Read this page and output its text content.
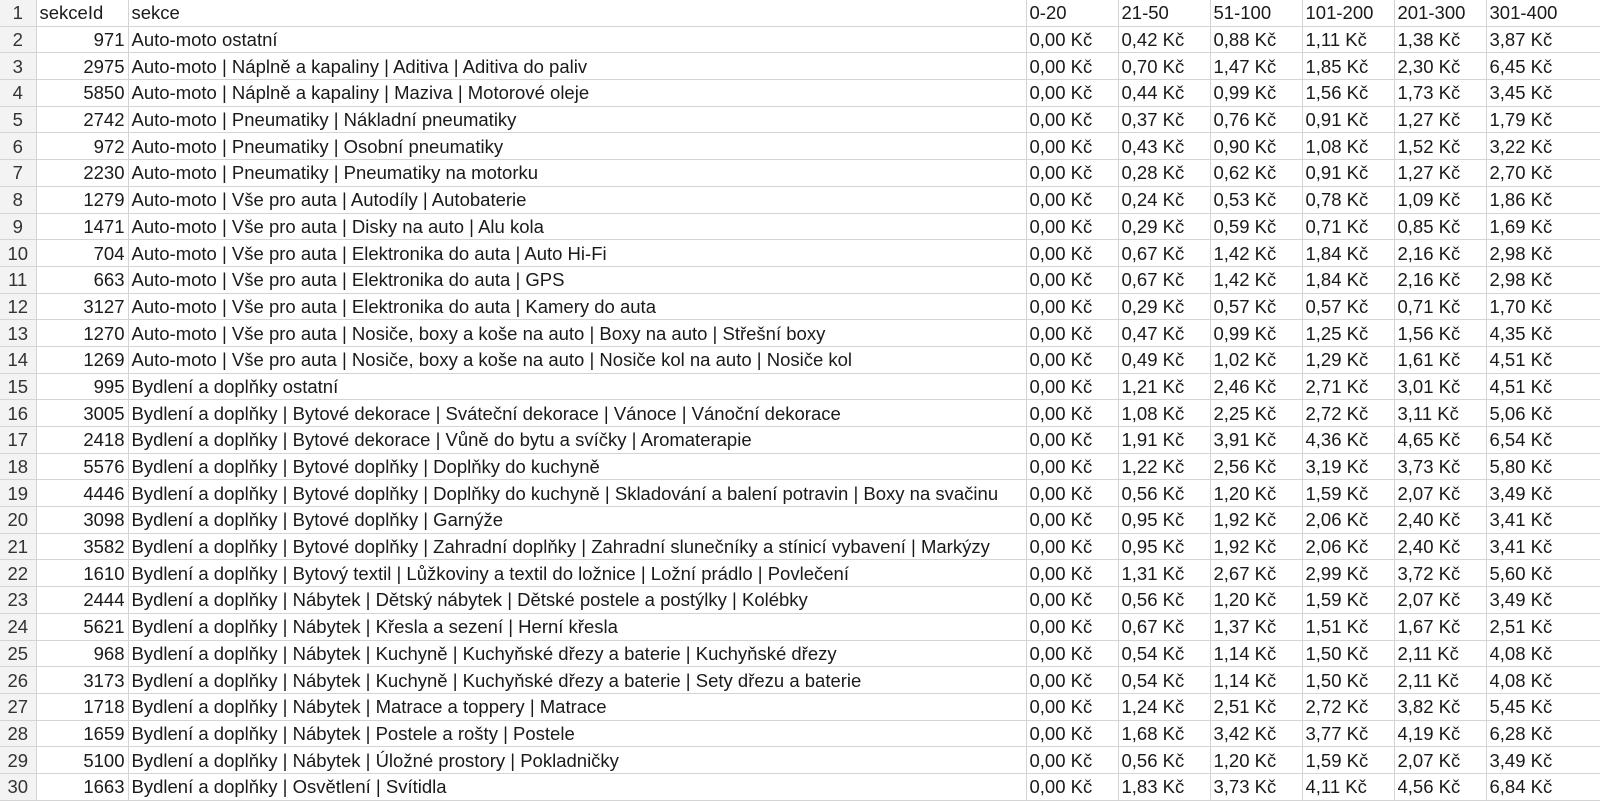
1	sekceId	sekce	0-20	21-50	51-100	101-200	201-300	301-400
2	971	Auto-moto ostatní	0,00 Kč	0,42 Kč	0,88 Kč	1,11 Kč	1,38 Kč	3,87 Kč
3	2975	Auto-moto | Náplně a kapaliny | Aditiva | Aditiva do paliv	0,00 Kč	0,70 Kč	1,47 Kč	1,85 Kč	2,30 Kč	6,45 Kč
4	5850	Auto-moto | Náplně a kapaliny | Maziva | Motorové oleje	0,00 Kč	0,44 Kč	0,99 Kč	1,56 Kč	1,73 Kč	3,45 Kč
5	2742	Auto-moto | Pneumatiky | Nákladní pneumatiky	0,00 Kč	0,37 Kč	0,76 Kč	0,91 Kč	1,27 Kč	1,79 Kč
6	972	Auto-moto | Pneumatiky | Osobní pneumatiky	0,00 Kč	0,43 Kč	0,90 Kč	1,08 Kč	1,52 Kč	3,22 Kč
7	2230	Auto-moto | Pneumatiky | Pneumatiky na motorku	0,00 Kč	0,28 Kč	0,62 Kč	0,91 Kč	1,27 Kč	2,70 Kč
8	1279	Auto-moto | Vše pro auta | Autodíly | Autobaterie	0,00 Kč	0,24 Kč	0,53 Kč	0,78 Kč	1,09 Kč	1,86 Kč
9	1471	Auto-moto | Vše pro auta | Disky na auto | Alu kola	0,00 Kč	0,29 Kč	0,59 Kč	0,71 Kč	0,85 Kč	1,69 Kč
10	704	Auto-moto | Vše pro auta | Elektronika do auta | Auto Hi-Fi	0,00 Kč	0,67 Kč	1,42 Kč	1,84 Kč	2,16 Kč	2,98 Kč
11	663	Auto-moto | Vše pro auta | Elektronika do auta | GPS	0,00 Kč	0,67 Kč	1,42 Kč	1,84 Kč	2,16 Kč	2,98 Kč
12	3127	Auto-moto | Vše pro auta | Elektronika do auta | Kamery do auta	0,00 Kč	0,29 Kč	0,57 Kč	0,57 Kč	0,71 Kč	1,70 Kč
13	1270	Auto-moto | Vše pro auta | Nosiče, boxy a koše na auto | Boxy na auto | Střešní boxy	0,00 Kč	0,47 Kč	0,99 Kč	1,25 Kč	1,56 Kč	4,35 Kč
14	1269	Auto-moto | Vše pro auta | Nosiče, boxy a koše na auto | Nosiče kol na auto | Nosiče kol	0,00 Kč	0,49 Kč	1,02 Kč	1,29 Kč	1,61 Kč	4,51 Kč
15	995	Bydlení a doplňky ostatní	0,00 Kč	1,21 Kč	2,46 Kč	2,71 Kč	3,01 Kč	4,51 Kč
16	3005	Bydlení a doplňky | Bytové dekorace | Sváteční dekorace | Vánoce | Vánoční dekorace	0,00 Kč	1,08 Kč	2,25 Kč	2,72 Kč	3,11 Kč	5,06 Kč
17	2418	Bydlení a doplňky | Bytové dekorace | Vůně do bytu a svíčky | Aromaterapie	0,00 Kč	1,91 Kč	3,91 Kč	4,36 Kč	4,65 Kč	6,54 Kč
18	5576	Bydlení a doplňky | Bytové doplňky | Doplňky do kuchyně	0,00 Kč	1,22 Kč	2,56 Kč	3,19 Kč	3,73 Kč	5,80 Kč
19	4446	Bydlení a doplňky | Bytové doplňky | Doplňky do kuchyně | Skladování a balení potravin | Boxy na svačinu	0,00 Kč	0,56 Kč	1,20 Kč	1,59 Kč	2,07 Kč	3,49 Kč
20	3098	Bydlení a doplňky | Bytové doplňky | Garnýže	0,00 Kč	0,95 Kč	1,92 Kč	2,06 Kč	2,40 Kč	3,41 Kč
21	3582	Bydlení a doplňky | Bytové doplňky | Zahradní doplňky | Zahradní slunečníky a stínicí vybavení | Markýzy	0,00 Kč	0,95 Kč	1,92 Kč	2,06 Kč	2,40 Kč	3,41 Kč
22	1610	Bydlení a doplňky | Bytový textil | Lůžkoviny a textil do ložnice | Ložní prádlo | Povlečení	0,00 Kč	1,31 Kč	2,67 Kč	2,99 Kč	3,72 Kč	5,60 Kč
23	2444	Bydlení a doplňky | Nábytek | Dětský nábytek | Dětské postele a postýlky | Kolébky	0,00 Kč	0,56 Kč	1,20 Kč	1,59 Kč	2,07 Kč	3,49 Kč
24	5621	Bydlení a doplňky | Nábytek | Křesla a sezení | Herní křesla	0,00 Kč	0,67 Kč	1,37 Kč	1,51 Kč	1,67 Kč	2,51 Kč
25	968	Bydlení a doplňky | Nábytek | Kuchyně | Kuchyňské dřezy a baterie | Kuchyňské dřezy	0,00 Kč	0,54 Kč	1,14 Kč	1,50 Kč	2,11 Kč	4,08 Kč
26	3173	Bydlení a doplňky | Nábytek | Kuchyně | Kuchyňské dřezy a baterie | Sety dřezu a baterie	0,00 Kč	0,54 Kč	1,14 Kč	1,50 Kč	2,11 Kč	4,08 Kč
27	1718	Bydlení a doplňky | Nábytek | Matrace a toppery | Matrace	0,00 Kč	1,24 Kč	2,51 Kč	2,72 Kč	3,82 Kč	5,45 Kč
28	1659	Bydlení a doplňky | Nábytek | Postele a rošty | Postele	0,00 Kč	1,68 Kč	3,42 Kč	3,77 Kč	4,19 Kč	6,28 Kč
29	5100	Bydlení a doplňky | Nábytek | Úložné prostory | Pokladničky	0,00 Kč	0,56 Kč	1,20 Kč	1,59 Kč	2,07 Kč	3,49 Kč
30	1663	Bydlení a doplňky | Osvětlení | Svítidla	0,00 Kč	1,83 Kč	3,73 Kč	4,11 Kč	4,56 Kč	6,84 Kč
